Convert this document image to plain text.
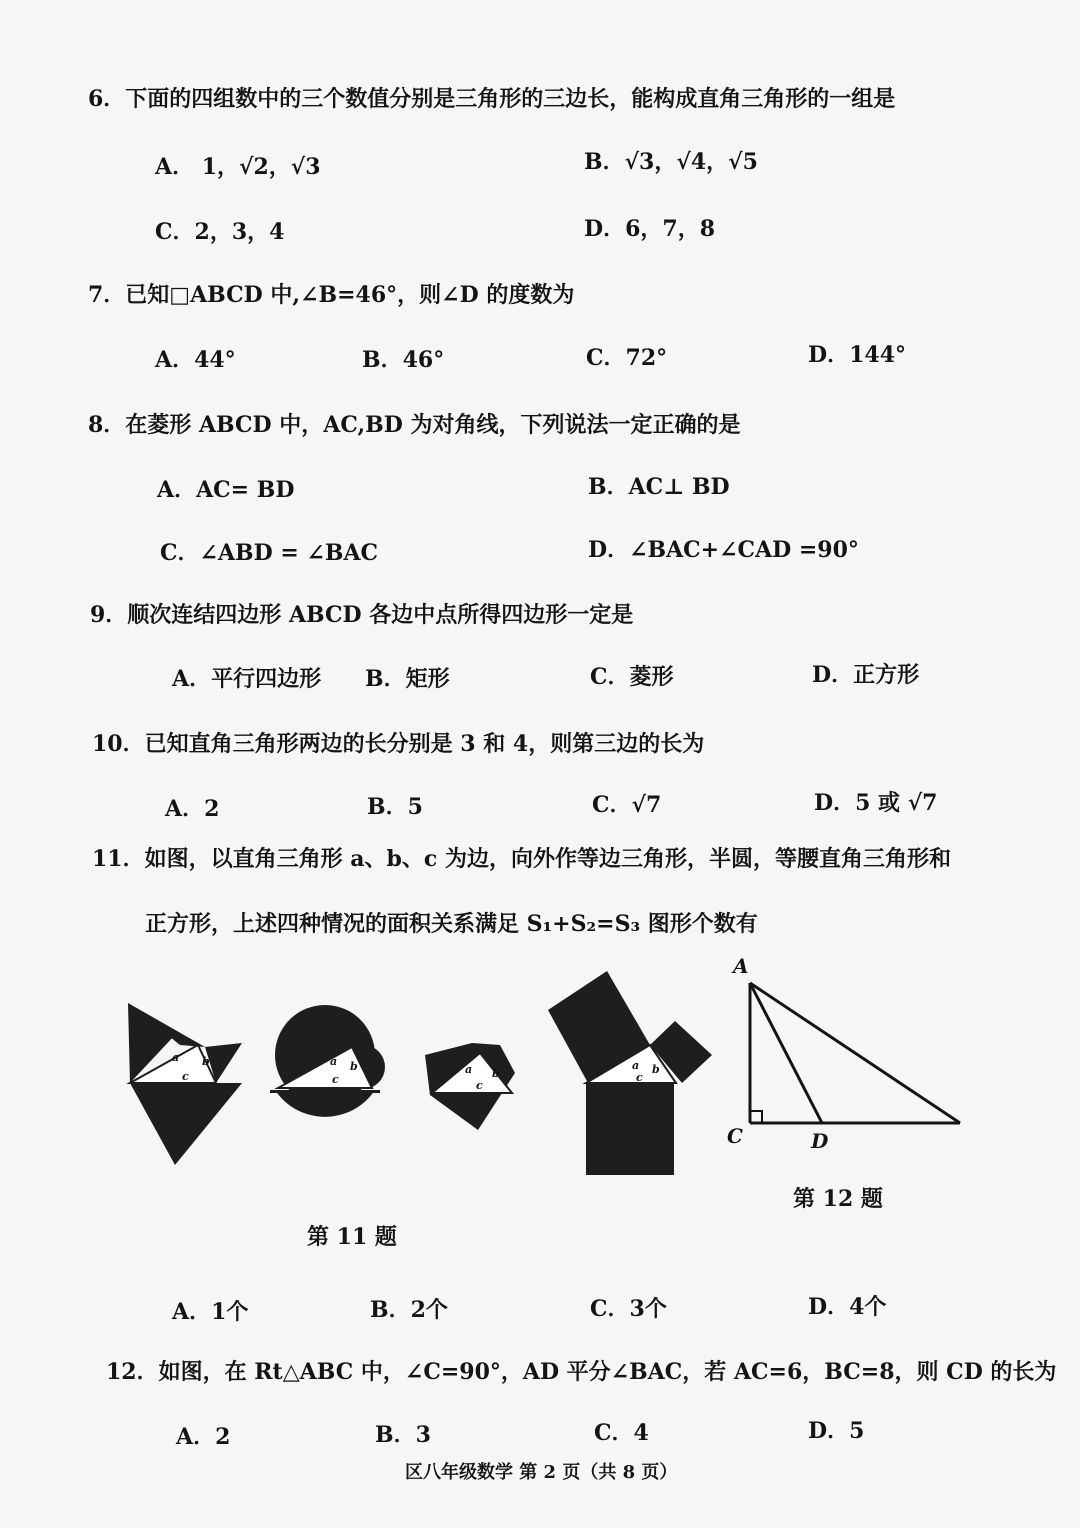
6．下面的四组数中的三个数值分别是三角形的三边长，能构成直角三角形的一组是
A． 1，√2，√3	B．√3，√4，√5
C．2，3，4	D．6，7，8
7．已知□ABCD 中,∠B=46°，则∠D 的度数为
A．44°	B．46°	C．72°	D．144°
8．在菱形 ABCD 中，AC,BD 为对角线，下列说法一定正确的是
A．AC= BD	B．AC⊥ BD
C．∠ABD = ∠BAC	D．∠BAC+∠CAD =90°
9．顺次连结四边形 ABCD 各边中点所得四边形一定是
A．平行四边形 B．矩形	C．菱形	D．正方形
10．已知直角三角形两边的长分别是 3 和 4，则第三边的长为
A．2	B．5	C．√7	D．5 或 √7
11．如图，以直角三角形 a、b、c 为边，向外作等边三角形，半圆，等腰直角三角形和
正方形，上述四种情况的面积关系满足 S₁+S₂=S₃ 图形个数有
a b
c
a b
c
a b
c
a b
c
第 11 题
A
C	D
第 12 题
A．1个	B．2个	C．3个	D．4个
12．如图，在 Rt△ABC 中，∠C=90°，AD 平分∠BAC，若 AC=6，BC=8，则 CD 的长为
A．2	B．3	C．4	D．5
区八年级数学 第 2 页（共 8 页）
